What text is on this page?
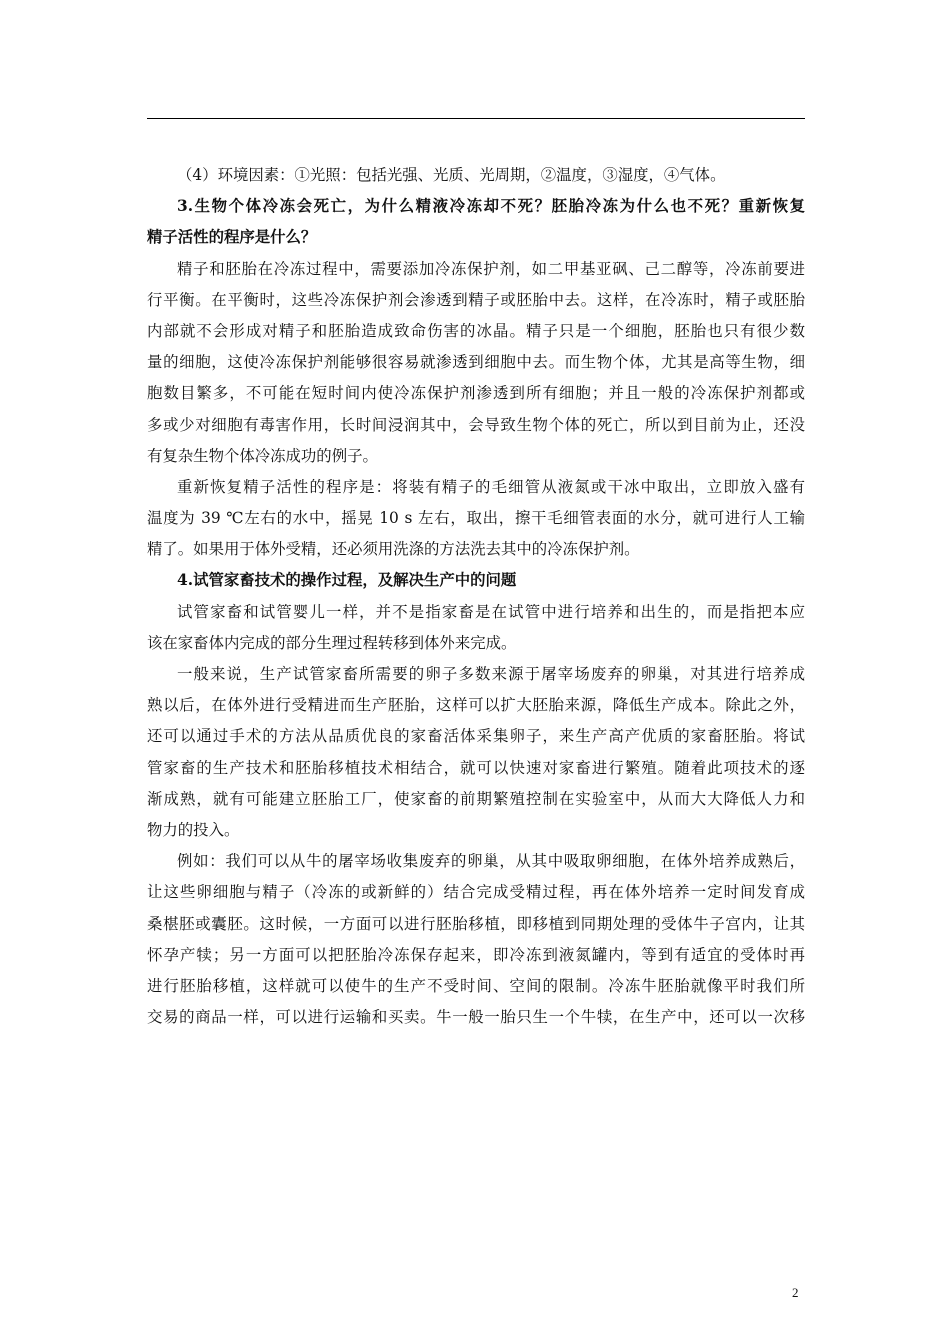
（4）环境因素：①光照：包括光强、光质、光周期，②温度，③湿度，④气体。
3.生物个体冷冻会死亡，为什么精液冷冻却不死？胚胎冷冻为什么也不死？重新恢复
精子活性的程序是什么？
精子和胚胎在冷冻过程中，需要添加冷冻保护剂，如二甲基亚砜、己二醇等，冷冻前要进
行平衡。在平衡时，这些冷冻保护剂会渗透到精子或胚胎中去。这样，在冷冻时，精子或胚胎
内部就不会形成对精子和胚胎造成致命伤害的冰晶。精子只是一个细胞，胚胎也只有很少数
量的细胞，这使冷冻保护剂能够很容易就渗透到细胞中去。而生物个体，尤其是高等生物，细
胞数目繁多，不可能在短时间内使冷冻保护剂渗透到所有细胞；并且一般的冷冻保护剂都或
多或少对细胞有毒害作用，长时间浸润其中，会导致生物个体的死亡，所以到目前为止，还没
有复杂生物个体冷冻成功的例子。
重新恢复精子活性的程序是：将装有精子的毛细管从液氮或干冰中取出，立即放入盛有
温度为 39 ℃左右的水中，摇晃 10 s 左右，取出，擦干毛细管表面的水分，就可进行人工输
精了。如果用于体外受精，还必须用洗涤的方法洗去其中的冷冻保护剂。
4.试管家畜技术的操作过程，及解决生产中的问题
试管家畜和试管婴儿一样，并不是指家畜是在试管中进行培养和出生的，而是指把本应
该在家畜体内完成的部分生理过程转移到体外来完成。
一般来说，生产试管家畜所需要的卵子多数来源于屠宰场废弃的卵巢，对其进行培养成
熟以后，在体外进行受精进而生产胚胎，这样可以扩大胚胎来源，降低生产成本。除此之外，
还可以通过手术的方法从品质优良的家畜活体采集卵子，来生产高产优质的家畜胚胎。将试
管家畜的生产技术和胚胎移植技术相结合，就可以快速对家畜进行繁殖。随着此项技术的逐
渐成熟，就有可能建立胚胎工厂，使家畜的前期繁殖控制在实验室中，从而大大降低人力和
物力的投入。
例如：我们可以从牛的屠宰场收集废弃的卵巢，从其中吸取卵细胞，在体外培养成熟后，
让这些卵细胞与精子（冷冻的或新鲜的）结合完成受精过程，再在体外培养一定时间发育成
桑椹胚或囊胚。这时候，一方面可以进行胚胎移植，即移植到同期处理的受体牛子宫内，让其
怀孕产犊；另一方面可以把胚胎冷冻保存起来，即冷冻到液氮罐内，等到有适宜的受体时再
进行胚胎移植，这样就可以使牛的生产不受时间、空间的限制。冷冻牛胚胎就像平时我们所
交易的商品一样，可以进行运输和买卖。牛一般一胎只生一个牛犊，在生产中，还可以一次移
2
